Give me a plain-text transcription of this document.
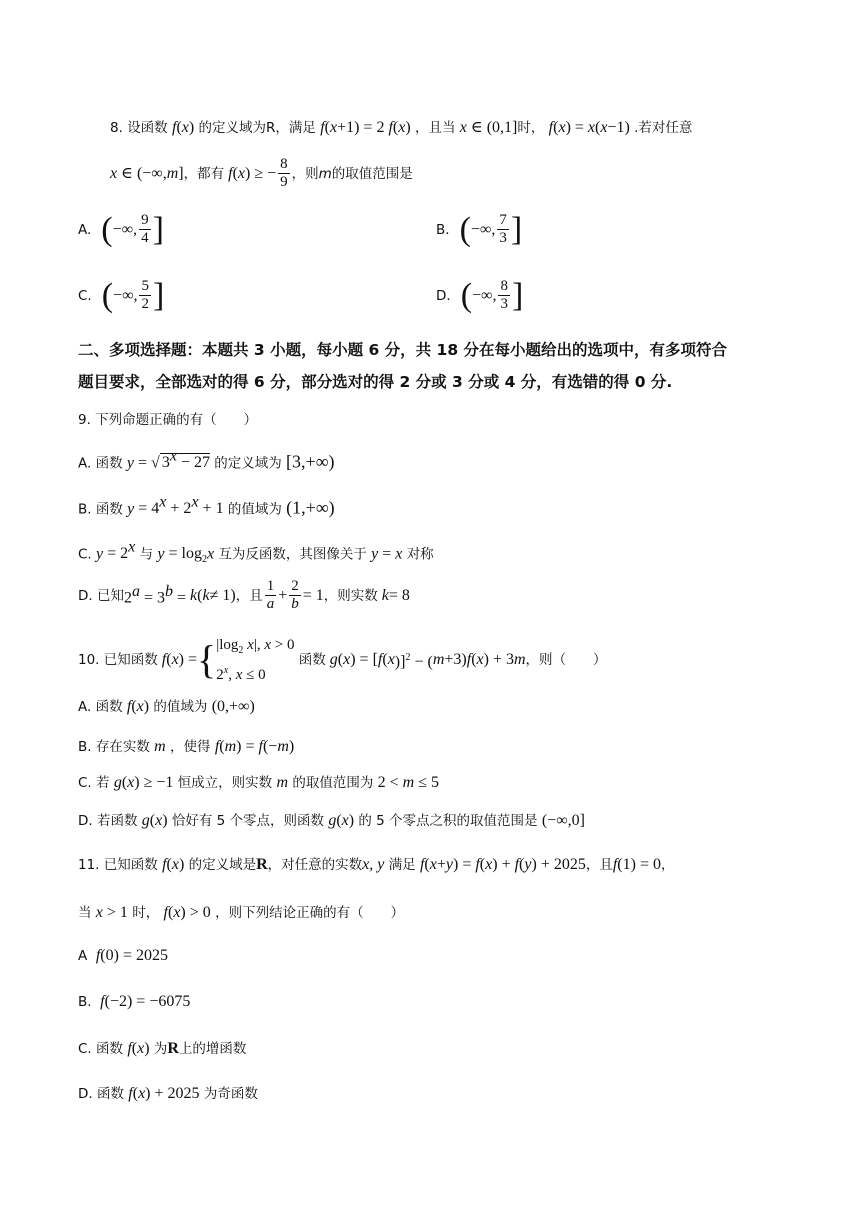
8. 设函数 f(x) 的定义域为R，满足 f(x+1) = 2 f(x) ，且当 x ∈ (0,1]时， f(x) = x(x−1) .若对任意
x ∈ (−∞, m ] ，都有 f ( x ) ≥ − $\frac{8}{9}$ ，则 m 的取值范围是
A. ( −∞, $\frac{9}{4}$ ]	B. ( −∞, $\frac{7}{3}$ ]
C. ( −∞, $\frac{5}{2}$ ]	D. ( −∞, $\frac{8}{3}$ ]
二、多项选择题：本题共 3 小题，每小题 6 分，共 18 分在每小题给出的选项中，有多项符合
题目要求，全部选对的得 6 分，部分选对的得 2 分或 3 分或 4 分，有选错的得 0 分.
9. 下列命题正确的有（　　）
A. 函数 y = √ $3^x - 27$ 的定义域为 [3,+∞)
B. 函数 $y = 4^x + 2^x + 1$ 的值域为 (1,+∞)
C. $y = 2^x$ 与 $y = \log_2x$ 互为反函数，其图像关于 y = x 对称
D.
已知 $2^a = 3^b = k$ ( k ≠ 1) ，且 $\frac{1}{a} + \frac{2}{b} = 1$ ，则实数 k = 8
10.
已知函数 f ( x ) = { $|\log_2$ x|, x > 0
2$^x$, x ≤ 0

函数 g ( x ) = [ f ( x )]$^2$ − ( m +3) f ( x ) + 3 m ，则（　　）
A. 函数 f(x) 的值域为 (0,+∞)
B. 存在实数 m ，使得 f(m) = f(−m)
C. 若 g(x) ≥ −1 恒成立，则实数 m 的取值范围为 2 < m ≤ 5
D. 若函数 g(x) 恰好有 5 个零点，则函数 g(x) 的 5 个零点之积的取值范围是 (−∞,0]
11. 已知函数 f(x) 的定义域是R，对任意的实数x, y 满足 f(x+y) = f(x) + f(y) + 2025，且f(1) = 0，
当 x > 1 时， f(x) > 0 ，则下列结论正确的有（　　）
A f(0) = 2025
B. f(−2) = −6075
C. 函数 f(x) 为R上的增函数
D. 函数 f(x) + 2025 为奇函数
